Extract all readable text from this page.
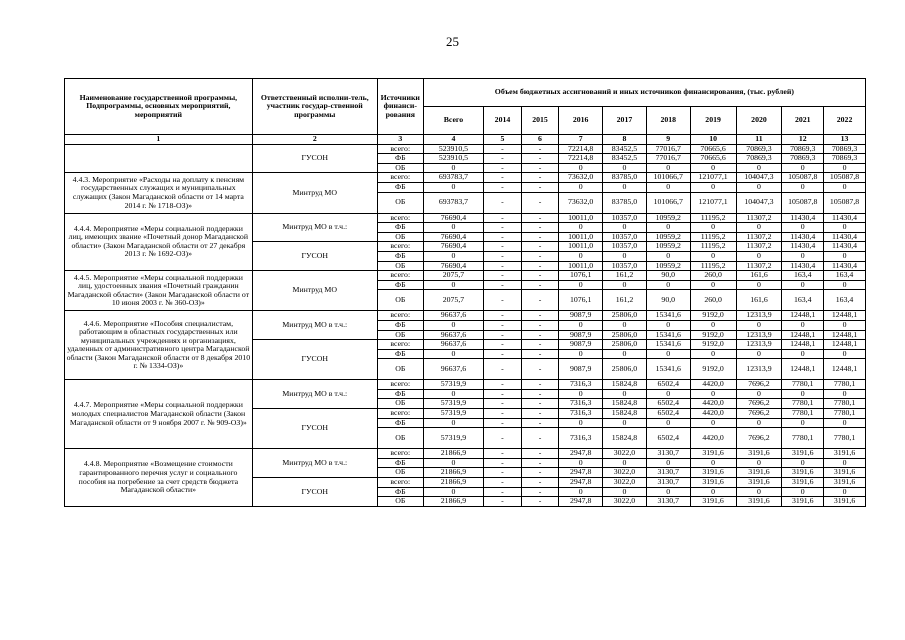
25
Наименование государственной программы, Подпрограммы, основных мероприятий, мероприятий	Ответственный исполни-тель, участник государ-ственной программы	Источники финанси-рования	Объем бюджетных ассигнований и иных источников финансирования, (тыс. рублей)									
			Всего	2014	2015	2016	2017	2018	2019	2020	2021	2022
1	2	3	4	5	6	7	8	9	10	11	12	13
	ГУСОН	всего:	523910,5	-	-	72214,8	83452,5	77016,7	70665,6	70869,3	70869,3	70869,3
		ФБ	523910,5	-	-	72214,8	83452,5	77016,7	70665,6	70869,3	70869,3	70869,3
		ОБ	0	-	-	0	0	0	0	0	0	0
4.4.3. Мероприятие «Расходы на доплату к пенсиям государственных служащих и муниципальных служащих (Закон Магаданской области от 14 марта 2014 г. № 1718-ОЗ)»	Минтруд МО	всего:	693783,7	-	-	73632,0	83785,0	101066,7	121077,1	104047,3	105087,8	105087,8
		ФБ	0	-	-	0	0	0	0	0	0	0
		ОБ	693783,7	-	-	73632,0	83785,0	101066,7	121077,1	104047,3	105087,8	105087,8
4.4.4. Мероприятие «Меры социальной поддержки лиц, имеющих звание «Почетный донор Магаданской области» (Закон Магаданской области от 27 декабря 2013 г. № 1692-ОЗ)»	Минтруд МО в т.ч.:	всего:	76690,4	-	-	10011,0	10357,0	10959,2	11195,2	11307,2	11430,4	11430,4
		ФБ	0	-	-	0	0	0	0	0	0	0
		ОБ	76690,4	-	-	10011,0	10357,0	10959,2	11195,2	11307,2	11430,4	11430,4
	ГУСОН	всего:	76690,4	-	-	10011,0	10357,0	10959,2	11195,2	11307,2	11430,4	11430,4
		ФБ	0	-	-	0	0	0	0	0	0	0
		ОБ	76690,4	-	-	10011,0	10357,0	10959,2	11195,2	11307,2	11430,4	11430,4
4.4.5. Мероприятие «Меры социальной поддержки лиц, удостоенных звания «Почетный гражданин Магаданской области» (Закон Магаданской области от 10 июня 2003 г. № 360-ОЗ)»	Минтруд МО	всего:	2075,7	-	-	1076,1	161,2	90,0	260,0	161,6	163,4	163,4
		ФБ	0	-	-	0	0	0	0	0	0	0
		ОБ	2075,7	-	-	1076,1	161,2	90,0	260,0	161,6	163,4	163,4
4.4.6. Мероприятие «Пособия специалистам, работающим в областных государственных или муниципальных учреждениях и организациях, удаленных от административного центра Магаданской области (Закон Магаданской области от 8 декабря 2010 г. № 1334-ОЗ)»	Минтруд МО в т.ч.:	всего:	96637,6	-	-	9087,9	25806,0	15341,6	9192,0	12313,9	12448,1	12448,1
		ФБ	0	-	-	0	0	0	0	0	0	0
		ОБ	96637,6	-	-	9087,9	25806,0	15341,6	9192,0	12313,9	12448,1	12448,1
	ГУСОН	всего:	96637,6	-	-	9087,9	25806,0	15341,6	9192,0	12313,9	12448,1	12448,1
		ФБ	0	-	-	0	0	0	0	0	0	0
		ОБ	96637,6	-	-	9087,9	25806,0	15341,6	9192,0	12313,9	12448,1	12448,1
4.4.7. Мероприятие «Меры социальной поддержки молодых специалистов Магаданской области (Закон Магаданской области от 9 ноября 2007 г. № 909-ОЗ)»	Минтруд МО в т.ч.:	всего:	57319,9	-	-	7316,3	15824,8	6502,4	4420,0	7696,2	7780,1	7780,1
		ФБ	0	-	-	0	0	0	0	0	0	0
		ОБ	57319,9	-	-	7316,3	15824,8	6502,4	4420,0	7696,2	7780,1	7780,1
	ГУСОН	всего:	57319,9	-	-	7316,3	15824,8	6502,4	4420,0	7696,2	7780,1	7780,1
		ФБ	0	-	-	0	0	0	0	0	0	0
		ОБ	57319,9	-	-	7316,3	15824,8	6502,4	4420,0	7696,2	7780,1	7780,1
4.4.8. Мероприятие «Возмещение стоимости гарантированного перечня услуг и социального пособия на погребение за счет средств бюджета Магаданской области»	Минтруд МО в т.ч.:	всего:	21866,9	-	-	2947,8	3022,0	3130,7	3191,6	3191,6	3191,6	3191,6
		ФБ	0	-	-	0	0	0	0	0	0	0
		ОБ	21866,9	-	-	2947,8	3022,0	3130,7	3191,6	3191,6	3191,6	3191,6
	ГУСОН	всего:	21866,9	-	-	2947,8	3022,0	3130,7	3191,6	3191,6	3191,6	3191,6
		ФБ	0	-	-	0	0	0	0	0	0	0
		ОБ	21866,9	-	-	2947,8	3022,0	3130,7	3191,6	3191,6	3191,6	3191,6
